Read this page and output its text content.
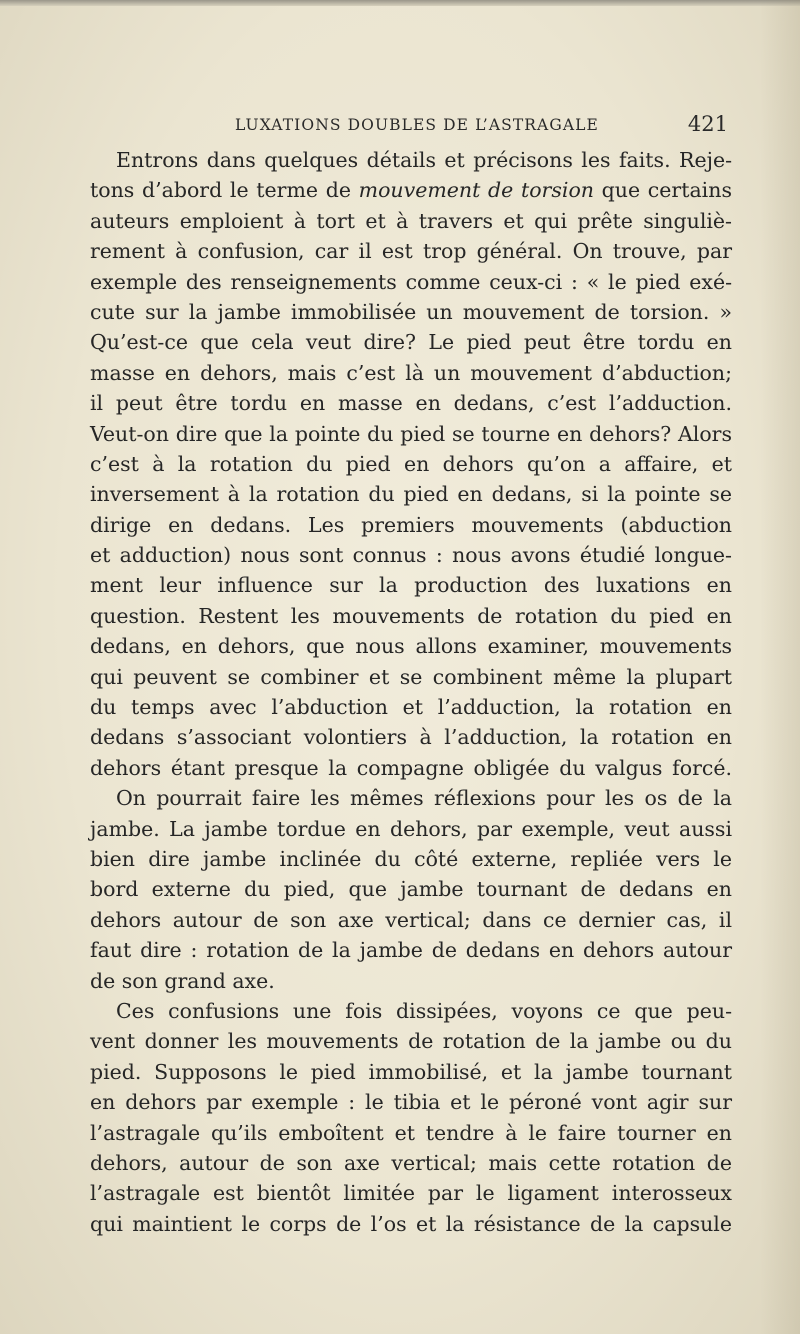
LUXATIONS DOUBLES DE L’ASTRAGALE	421
Entrons dans quelques détails et précisons les faits. Reje-
tons d’abord le terme de mouvement de torsion que certains
auteurs emploient à tort et à travers et qui prête singuliè-
rement à confusion, car il est trop général. On trouve, par
exemple des renseignements comme ceux-ci : « le pied exé-
cute sur la jambe immobilisée un mouvement de torsion. »
Qu’est-ce que cela veut dire? Le pied peut être tordu en
masse en dehors, mais c’est là un mouvement d’abduction;
il peut être tordu en masse en dedans, c’est l’adduction.
Veut-on dire que la pointe du pied se tourne en dehors? Alors
c’est à la rotation du pied en dehors qu’on a affaire, et
inversement à la rotation du pied en dedans, si la pointe se
dirige en dedans. Les premiers mouvements (abduction
et adduction) nous sont connus : nous avons étudié longue-
ment leur influence sur la production des luxations en
question. Restent les mouvements de rotation du pied en
dedans, en dehors, que nous allons examiner, mouvements
qui peuvent se combiner et se combinent même la plupart
du temps avec l’abduction et l’adduction, la rotation en
dedans s’associant volontiers à l’adduction, la rotation en
dehors étant presque la compagne obligée du valgus forcé.
On pourrait faire les mêmes réflexions pour les os de la
jambe. La jambe tordue en dehors, par exemple, veut aussi
bien dire jambe inclinée du côté externe, repliée vers le
bord externe du pied, que jambe tournant de dedans en
dehors autour de son axe vertical; dans ce dernier cas, il
faut dire : rotation de la jambe de dedans en dehors autour
de son grand axe.
Ces confusions une fois dissipées, voyons ce que peu-
vent donner les mouvements de rotation de la jambe ou du
pied. Supposons le pied immobilisé, et la jambe tournant
en dehors par exemple : le tibia et le péroné vont agir sur
l’astragale qu’ils emboîtent et tendre à le faire tourner en
dehors, autour de son axe vertical; mais cette rotation de
l’astragale est bientôt limitée par le ligament interosseux
qui maintient le corps de l’os et la résistance de la capsule
